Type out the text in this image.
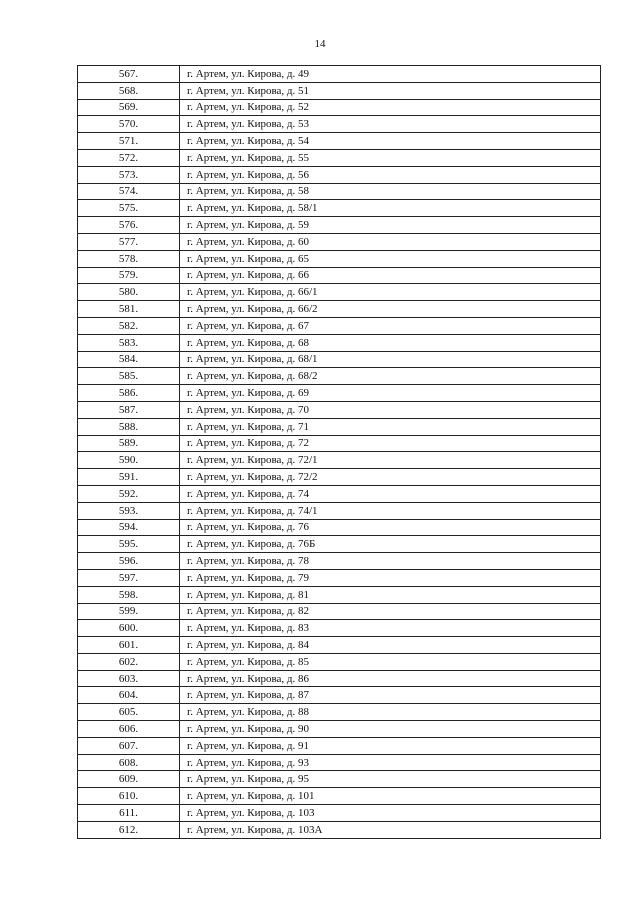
14
567.	г. Артем, ул. Кирова, д. 49
568.	г. Артем, ул. Кирова, д. 51
569.	г. Артем, ул. Кирова, д. 52
570.	г. Артем, ул. Кирова, д. 53
571.	г. Артем, ул. Кирова, д. 54
572.	г. Артем, ул. Кирова, д. 55
573.	г. Артем, ул. Кирова, д. 56
574.	г. Артем, ул. Кирова, д. 58
575.	г. Артем, ул. Кирова, д. 58/1
576.	г. Артем, ул. Кирова, д. 59
577.	г. Артем, ул. Кирова, д. 60
578.	г. Артем, ул. Кирова, д. 65
579.	г. Артем, ул. Кирова, д. 66
580.	г. Артем, ул. Кирова, д. 66/1
581.	г. Артем, ул. Кирова, д. 66/2
582.	г. Артем, ул. Кирова, д. 67
583.	г. Артем, ул. Кирова, д. 68
584.	г. Артем, ул. Кирова, д. 68/1
585.	г. Артем, ул. Кирова, д. 68/2
586.	г. Артем, ул. Кирова, д. 69
587.	г. Артем, ул. Кирова, д. 70
588.	г. Артем, ул. Кирова, д. 71
589.	г. Артем, ул. Кирова, д. 72
590.	г. Артем, ул. Кирова, д. 72/1
591.	г. Артем, ул. Кирова, д. 72/2
592.	г. Артем, ул. Кирова, д. 74
593.	г. Артем, ул. Кирова, д. 74/1
594.	г. Артем, ул. Кирова, д. 76
595.	г. Артем, ул. Кирова, д. 76Б
596.	г. Артем, ул. Кирова, д. 78
597.	г. Артем, ул. Кирова, д. 79
598.	г. Артем, ул. Кирова, д. 81
599.	г. Артем, ул. Кирова, д. 82
600.	г. Артем, ул. Кирова, д. 83
601.	г. Артем, ул. Кирова, д. 84
602.	г. Артем, ул. Кирова, д. 85
603.	г. Артем, ул. Кирова, д. 86
604.	г. Артем, ул. Кирова, д. 87
605.	г. Артем, ул. Кирова, д. 88
606.	г. Артем, ул. Кирова, д. 90
607.	г. Артем, ул. Кирова, д. 91
608.	г. Артем, ул. Кирова, д. 93
609.	г. Артем, ул. Кирова, д. 95
610.	г. Артем, ул. Кирова, д. 101
611.	г. Артем, ул. Кирова, д. 103
612.	г. Артем, ул. Кирова, д. 103А
